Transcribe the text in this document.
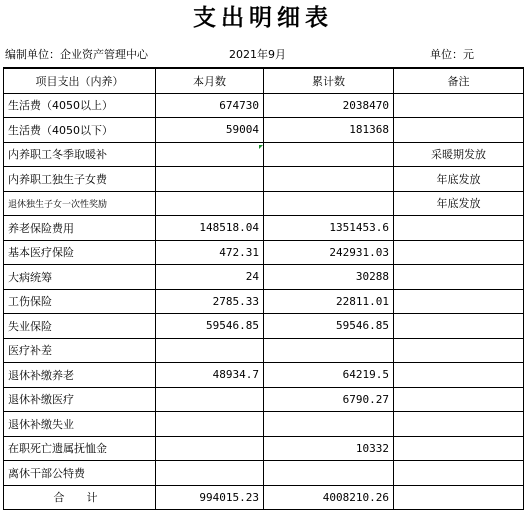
支出明细表
编制单位：企业资产管理中心	2021年9月	单位：元
项目支出（内养）	本月数	累计数	备注
生活费（4050以上）	674730	2038470	
生活费（4050以下）	59004	181368	
内养职工冬季取暖补			采暖期发放
内养职工独生子女费			年底发放
退休独生子女一次性奖励			年底发放
养老保险费用	148518.04	1351453.6	
基本医疗保险	472.31	242931.03	
大病统筹	24	30288	
工伤保险	2785.33	22811.01	
失业保险	59546.85	59546.85	
医疗补差			
退休补缴养老	48934.7	64219.5	
退休补缴医疗		6790.27	
退休补缴失业			
在职死亡遗属抚恤金		10332	
离休干部公特费			
合计	994015.23	4008210.26	
